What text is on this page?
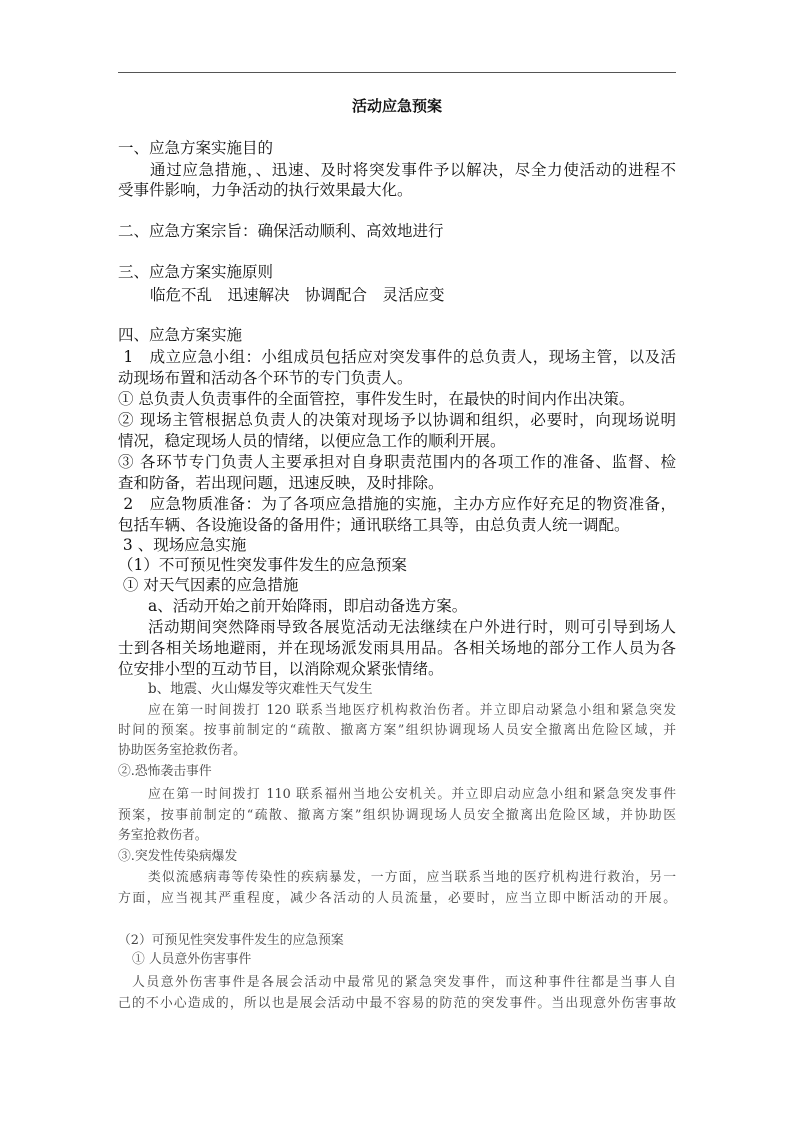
活动应急预案
一、应急方案实施目的
通过应急措施，、迅速、及时将突发事件予以解决，尽全力使活动的进程不
受事件影响，力争活动的执行效果最大化。
二、应急方案宗旨：确保活动顺利、高效地进行
三、应急方案实施原则
临危不乱　迅速解决　协调配合　灵活应变
四、应急方案实施
1　成立应急小组：小组成员包括应对突发事件的总负责人，现场主管，以及活
动现场布置和活动各个环节的专门负责人。
① 总负责人负责事件的全面管控，事件发生时，在最快的时间内作出决策。
② 现场主管根据总负责人的决策对现场予以协调和组织，必要时，向现场说明
情况，稳定现场人员的情绪，以便应急工作的顺利开展。
③ 各环节专门负责人主要承担对自身职责范围内的各项工作的准备、监督、检
查和防备，若出现问题，迅速反映，及时排除。
2　应急物质准备：为了各项应急措施的实施，主办方应作好充足的物资准备，
包括车辆、各设施设备的备用件；通讯联络工具等，由总负责人统一调配。
3 、现场应急实施
（1）不可预见性突发事件发生的应急预案
① 对天气因素的应急措施
a、活动开始之前开始降雨，即启动备选方案。
活动期间突然降雨导致各展览活动无法继续在户外进行时，则可引导到场人
士到各相关场地避雨，并在现场派发雨具用品。各相关场地的部分工作人员为各
位安排小型的互动节目，以消除观众紧张情绪。
b、地震、火山爆发等灾难性天气发生
应在第一时间拨打 120 联系当地医疗机构救治伤者。并立即启动紧急小组和紧急突发
时间的预案。按事前制定的“疏散、撤离方案”组织协调现场人员安全撤离出危险区域，并
协助医务室抢救伤者。
②.恐怖袭击事件
应在第一时间拨打 110 联系福州当地公安机关。并立即启动应急小组和紧急突发事件
预案，按事前制定的“疏散、撤离方案”组织协调现场人员安全撤离出危险区域，并协助医
务室抢救伤者。
③.突发性传染病爆发
类似流感病毒等传染性的疾病暴发，一方面，应当联系当地的医疗机构进行救治，另一
方面，应当视其严重程度，减少各活动的人员流量，必要时，应当立即中断活动的开展。
（2）可预见性突发事件发生的应急预案
① 人员意外伤害事件
人员意外伤害事件是各展会活动中最常见的紧急突发事件，而这种事件往都是当事人自
己的不小心造成的，所以也是展会活动中最不容易的防范的突发事件。当出现意外伤害事故
